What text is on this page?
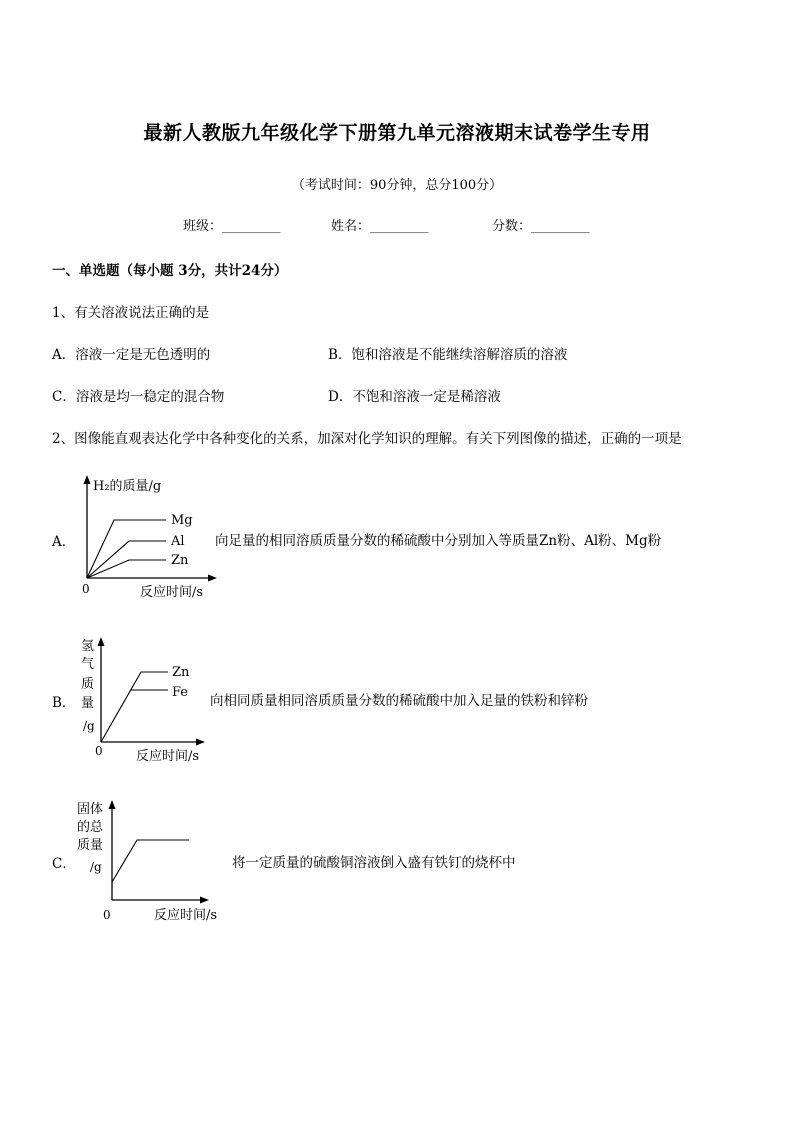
最新人教版九年级化学下册第九单元溶液期末试卷学生专用
（考试时间：90分钟，总分100分）
班级：_________	姓名：_________	分数：_________
一、单选题（每小题 3分，共计24分）
1、有关溶液说法正确的是
A．溶液一定是无色透明的	B．饱和溶液是不能继续溶解溶质的溶液
C．溶液是均一稳定的混合物	D．不饱和溶液一定是稀溶液
2、图像能直观表达化学中各种变化的关系，加深对化学知识的理解。有关下列图像的描述，正确的一项是
A．
H₂的质量/g
Mg
Al
Zn
0	反应时间/s
向足量的相同溶质质量分数的稀硫酸中分别加入等质量Zn粉、Al粉、Mg粉
B．
氢
气
质
量
/g
Zn
Fe
0	反应时间/s
向相同质量相同溶质质量分数的稀硫酸中加入足量的铁粉和锌粉
C．
固体
的总
质量
/g
0	反应时间/s
将一定质量的硫酸铜溶液倒入盛有铁钉的烧杯中
